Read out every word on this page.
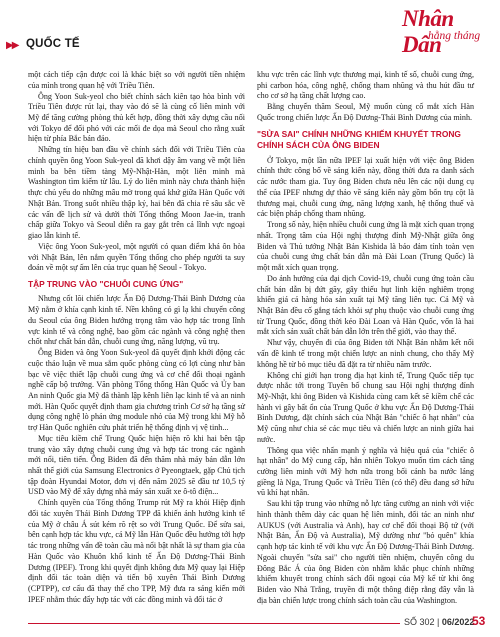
▶▶ QUỐC TẾ
Nhân Dân
hằng tháng

một cách tiếp cận được coi là khác biệt so với người tiền nhiệm của mình trong quan hệ với Triều Tiên.

Ông Yoon Suk-yeol cho biết chính sách kiên tạo hòa bình với Triều Tiên được rút lại, thay vào đó sẽ là cùng cố liên minh với Mỹ để tăng cường phòng thủ kết hợp, đồng thời xây dựng cầu nối với Tokyo để đối phó với các mối đe dọa mà Seoul cho rằng xuất hiện từ phía Bắc bán đảo.

Những tín hiệu ban đầu về chính sách đối với Triều Tiên của chính quyền ông Yoon Suk-yeol đã khơi dậy âm vang về một liên minh ba bên tiềm tàng Mỹ-Nhật-Hàn, một liên minh mà Washington tìm kiếm từ lâu. Lý do liên minh này chưa thành hiện thực chủ yếu do những mâu mờ trong quá khứ giữa Hàn Quốc với Nhật Bản. Trong suốt nhiều thập kỷ, hai bên đã chia rẽ sâu sắc về các vấn đề lịch sử và dưới thời Tổng thống Moon Jae-in, tranh chấp giữa Tokyo và Seoul diễn ra gay gắt trên cả lĩnh vực ngoại giao lẫn kinh tế.

Việc ông Yoon Suk-yeol, một người có quan điểm khá ôn hòa với Nhật Bản, lên nắm quyền Tổng thống cho phép người ta suy đoán về một sự ấm lên của trục quan hệ Seoul - Tokyo.

TẬP TRUNG VÀO "CHUỖI CUNG ỨNG"

Nhưng cốt lõi chiến lược Ấn Độ Dương-Thái Bình Dương của Mỹ nằm ở khía cạnh kinh tế. Nền không có gì lạ khi chuyến công du Seoul của ông Biden hướng trọng tâm vào hợp tác trong lĩnh vực kinh tế và công nghệ, bao gồm các ngành và công nghệ then chốt như chất bán dẫn, chuỗi cung ứng, năng lượng, vũ trụ.

Ông Biden và ông Yoon Suk-yeol đã quyết định khởi động các cuộc thảo luận về mua sắm quốc phòng cùng có lợi cùng như bàn bạc về việc thiết lập chuỗi cung ứng và cơ chế đối thoại ngành nghề cấp bộ trưởng. Văn phòng Tổng thống Hàn Quốc và Ủy ban An ninh Quốc gia Mỹ đã thành lập kênh liên lạc kinh tế và an ninh mới. Hàn Quốc quyết định tham gia chương trình Cơ sở hạ tầng sử dụng công nghệ lò phản ứng module nhỏ của Mỹ trong khi Mỹ hỗ trợ Hàn Quốc nghiên cứu phát triển hệ thống định vị vệ tinh...

Mục tiêu kiềm chế Trung Quốc hiện hiện rõ khi hai bên tập trung vào xây dựng chuỗi cung ứng và hợp tác trong các ngành mới nổi, tiên tiến. Ông Biden đã đến thăm nhà máy bán dẫn lớn nhất thế giới của Samsung Electronics ở Pyeongtaek, gặp Chủ tịch tập đoàn Hyundai Motor, đơn vị đến năm 2025 sẽ đầu tư 10,5 tỷ USD vào Mỹ để xây dựng nhà máy sản xuất xe ô-tô điện...

Chính quyền của Tổng thống Trump rút Mỹ ra khỏi Hiệp định đối tác xuyên Thái Bình Dương TPP đã khiến ảnh hưởng kinh tế của Mỹ ở châu Á sút kém rõ rệt so với Trung Quốc. Để sửa sai, bên cạnh hợp tác khu vực, cả Mỹ lẫn Hàn Quốc đều hướng tới hợp tác trong những vấn đề toàn cầu mà nổi bật nhất là sự tham gia của Hàn Quốc vào Khuôn khổ kinh tế Ấn Độ Dương-Thái Bình Dương (IPEF). Trong khi quyết định không đưa Mỹ quay lại Hiệp định đối tác toàn diện và tiến bộ xuyên Thái Bình Dương (CPTPP), cơ cấu đã thay thế cho TPP, Mỹ đưa ra sáng kiến mới IPEF nhằm thúc đẩy hợp tác với các đồng minh và đối tác ở

khu vực trên các lĩnh vực thương mại, kinh tế số, chuỗi cung ứng, phi carbon hóa, công nghệ, chống tham nhũng và thu hút đầu tư cho cơ sở hạ tầng chất lượng cao.

Bằng chuyến thăm Seoul, Mỹ muốn cùng cố mắt xích Hàn Quốc trong chiến lược Ấn Độ Dương-Thái Bình Dương của mình.

"SỬA SAI" CHÍNH NHỮNG KHIẾM KHUYẾT TRONG CHÍNH SÁCH CỦA ÔNG BIDEN

Ở Tokyo, một lần nữa IPEF lại xuất hiện với việc ông Biden chính thức công bố về sáng kiến này, đồng thời đưa ra danh sách các nước tham gia. Tuy ông Biden chưa nêu lên các nội dung cụ thể của IPEF nhưng dự thảo về sáng kiến này gồm bốn trụ cột là thương mại, chuỗi cung ứng, năng lượng xanh, hệ thống thuế và các biện pháp chống tham nhũng.

Trong số này, hiện nhiều chuỗi cung ứng là mặt xích quan trọng nhất. Trọng tâm của Hội nghị thượng đỉnh Mỹ-Nhật giữa ông Biden và Thủ tướng Nhật Bản Kishida là bảo đảm tính toàn vẹn của chuỗi cung ứng chất bán dẫn mà Đài Loan (Trung Quốc) là một mắt xích quan trọng.

Do ảnh hưởng của đại dịch Covid-19, chuỗi cung ứng toàn cầu chất bán dẫn bị đứt gãy, gây thiếu hụt linh kiện nghiêm trọng khiến giá cả hàng hóa sản xuất tại Mỹ tăng liên tục. Cả Mỹ và Nhật Bản đều cố gắng tách khỏi sự phụ thuộc vào chuỗi cung ứng từ Trung Quốc, đồng thời kéo Đài Loan và Hàn Quốc, vốn là hai mắt xích sản xuất chất bán dẫn lớn trên thế giới, vào thay thế.

Như vậy, chuyến đi của ông Biden tới Nhật Bản nhằm kết nối vấn đề kinh tế trong một chiến lược an ninh chung, cho thấy Mỹ không hề từ bỏ mục tiêu đã đặt ra từ nhiều năm trước.

Không chỉ giới hạn trong địa hạt kinh tế, Trung Quốc tiếp tục được nhắc tới trong Tuyên bố chung sau Hội nghị thượng đỉnh Mỹ-Nhật, khi ông Biden và Kishida cùng cam kết sẽ kiềm chế các hành vi gây bất ổn của Trung Quốc ở khu vực Ấn Độ Dương-Thái Bình Dương, đặt chính sách của Nhật Bản "chiếc ô hạt nhân" của Mỹ cũng như chia sẻ các mục tiêu và chiến lược an ninh giữa hai nước.

Thông qua việc nhấn mạnh ý nghĩa và hiệu quả của "chiếc ô hạt nhân" do Mỹ cung cấp, hẳn nhiên Tokyo muốn tìm cách tăng cường liên minh với Mỹ hơn nữa trong bối cảnh ba nước láng giềng là Nga, Trung Quốc và Triều Tiên (có thể) đều đang sở hữu vũ khí hạt nhân.

Sau khi tập trung vào những nỗ lực tăng cường an ninh với việc hình thành thêm dày các quan hệ liên minh, đối tác an ninh như AUKUS (với Australia và Anh), hay cơ chế đối thoại Bộ tứ (với Nhật Bản, Ấn Độ và Australia), Mỹ dường như "bỏ quên" khía cạnh hợp tác kinh tế với khu vực Ấn Độ Dương-Thái Bình Dương. Ngoài chuyến "sửa sai" cho người tiền nhiệm, chuyến công du Đông Bắc Á của ông Biden còn nhằm khắc phục chính những khiếm khuyết trong chính sách đối ngoại của Mỹ kể từ khi ông Biden vào Nhà Trắng, truyền đi một thông điệp rằng đây vẫn là địa bàn chiến lược trong chính sách toàn cầu của Washington.

SỐ 302 | 06/2022
53
